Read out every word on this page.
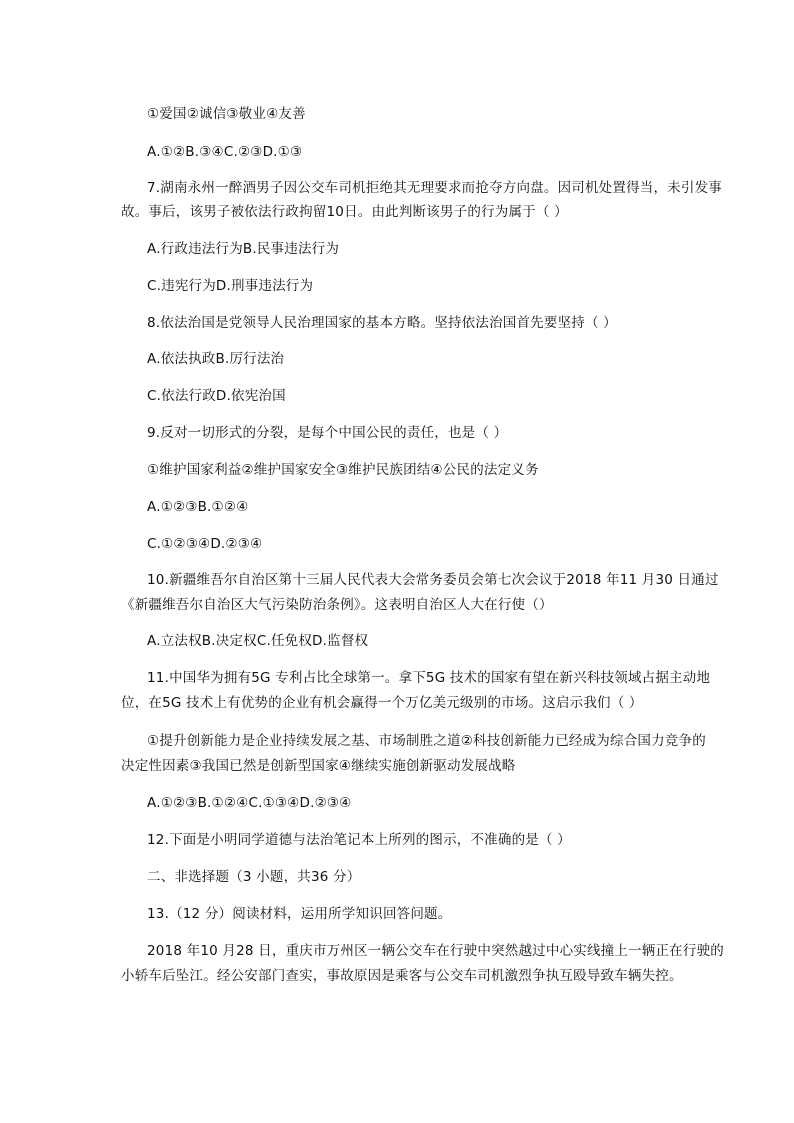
①爱国②诚信③敬业④友善
A.①②B.③④C.②③D.①③
7.湖南永州一醉酒男子因公交车司机拒绝其无理要求而抢夺方向盘。因司机处置得当，未引发事
故。事后，该男子被依法行政拘留10日。由此判断该男子的行为属于（ ）
A.行政违法行为B.民事违法行为
C.违宪行为D.刑事违法行为
8.依法治国是党领导人民治理国家的基本方略。坚持依法治国首先要坚持（ ）
A.依法执政B.厉行法治
C.依法行政D.依宪治国
9.反对一切形式的分裂，是每个中国公民的责任，也是（ ）
①维护国家利益②维护国家安全③维护民族团结④公民的法定义务
A.①②③B.①②④
C.①②③④D.②③④
10.新疆维吾尔自治区第十三届人民代表大会常务委员会第七次会议于2018 年11 月30 日通过
《新疆维吾尔自治区大气污染防治条例》。这表明自治区人大在行使（）
A.立法权B.决定权C.任免权D.监督权
11.中国华为拥有5G 专利占比全球第一。拿下5G 技术的国家有望在新兴科技领域占据主动地
位，在5G 技术上有优势的企业有机会赢得一个万亿美元级别的市场。这启示我们（ ）
①提升创新能力是企业持续发展之基、市场制胜之道②科技创新能力已经成为综合国力竞争的
决定性因素③我国已然是创新型国家④继续实施创新驱动发展战略
A.①②③B.①②④C.①③④D.②③④
12.下面是小明同学道德与法治笔记本上所列的图示，不准确的是（ ）
二、非选择题（3 小题，共36 分）
13.（12 分）阅读材料，运用所学知识回答问题。
2018 年10 月28 日，重庆市万州区一辆公交车在行驶中突然越过中心实线撞上一辆正在行驶的
小轿车后坠江。经公安部门查实，事故原因是乘客与公交车司机激烈争执互殴导致车辆失控。
